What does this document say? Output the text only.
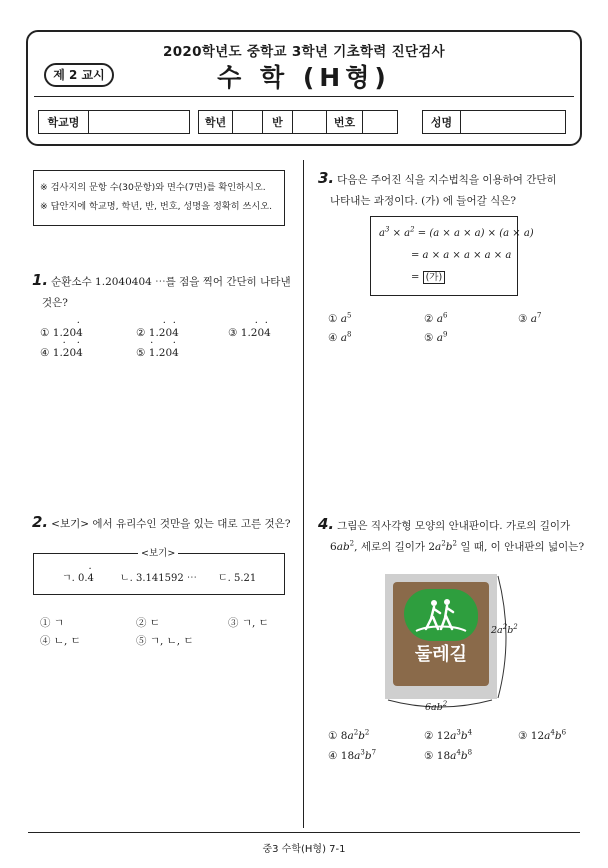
2020학년도 중학교 3학년 기초학력 진단검사
제 2 교시	수 학 (H형)
학교명	학년	반	번호	성명
※ 검사지의 문항 수(30문항)와 면수(7면)를 확인하시오.
※ 답안지에 학교명, 학년, 반, 번호, 성명을 정확히 쓰시오.
1. 순환소수 1.2040404 ⋯를 점을 찍어 간단히 나타낸
것은?
① 1.204
·
② 1.204
· ·
③ 1.204
· ·
④ 1.204
· ·
⑤ 1.204
· ·
2. <보기> 에서 유리수인 것만을 있는 대로 고른 것은?
<보기>
ㄱ. 0.4
·
ㄴ. 3.141592 ⋯ ㄷ. 5.21
① ㄱ	② ㄷ	③ ㄱ, ㄷ
④ ㄴ, ㄷ	⑤ ㄱ, ㄴ, ㄷ
3. 다음은 주어진 식을 지수법칙을 이용하여 간단히
나타내는 과정이다. (가) 에 들어갈 식은?
$a^3 \times a^2 = (a \times a \times a) \times (a \times a)$
= a × a × a × a × a
= (가)
① $a^5$	② $a^6$	③ $a^7$
④ $a^8$	⑤ $a^9$
4. 그림은 직사각형 모양의 안내판이다. 가로의 길이가
$6ab^2$, 세로의 길이가 $2a^2b^2$ 일 때, 이 안내판의 넓이는?
둘레길
$6ab^2$
$2a^2b^2$
① $8a^2b^2$	② $12a^3b^4$	③ $12a^4b^6$
④ $18a^3b^7$	⑤ $18a^4b^8$
중3 수학(H형) 7-1
